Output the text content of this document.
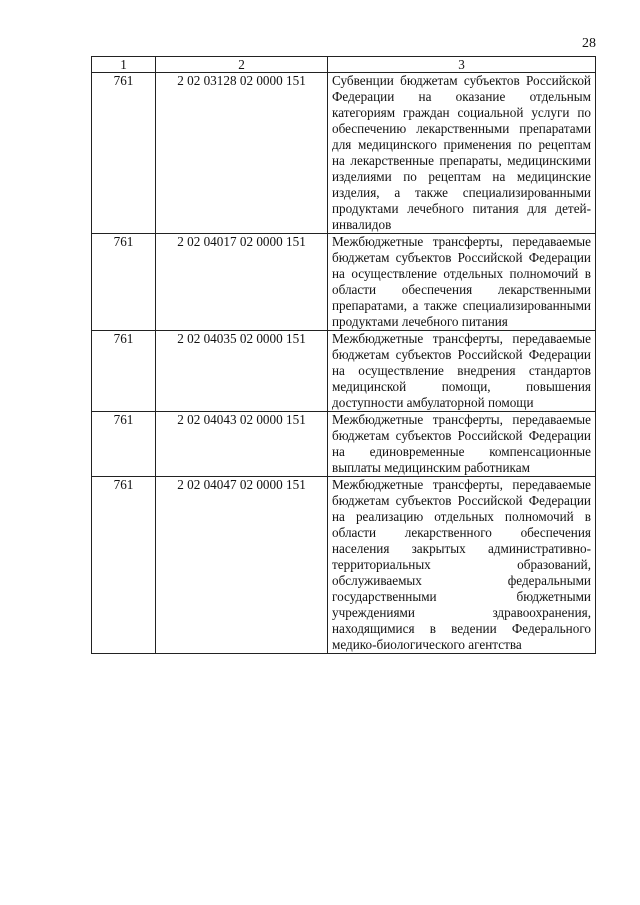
28
1	2	3
761	2 02 03128 02 0000 151	Субвенции бюджетам субъектов Российской Федерации на оказание отдельным категориям граждан социальной услуги по обеспечению лекарственными препаратами для медицинского применения по рецептам на лекарственные препараты, медицинскими изделиями по рецептам на медицинские изделия, а также специализированными продуктами лечебного питания для детей-инвалидов
761	2 02 04017 02 0000 151	Межбюджетные трансферты, передаваемые бюджетам субъектов Российской Федерации на осуществление отдельных полномочий в области обеспечения лекарственными препаратами, а также специализированными продуктами лечебного питания
761	2 02 04035 02 0000 151	Межбюджетные трансферты, передаваемые бюджетам субъектов Российской Федерации на осуществление внедрения стандартов медицинской помощи, повышения доступности амбулаторной помощи
761	2 02 04043 02 0000 151	Межбюджетные трансферты, передаваемые бюджетам субъектов Российской Федерации на единовременные компенсационные выплаты медицинским работникам
761	2 02 04047 02 0000 151	Межбюджетные трансферты, передаваемые бюджетам субъектов Российской Федерации на реализацию отдельных полномочий в области лекарственного обеспечения населения закрытых административно-территориальных образований, обслуживаемых федеральными государственными бюджетными учреждениями здравоохранения, находящимися в ведении Федерального медико-биологического агентства
